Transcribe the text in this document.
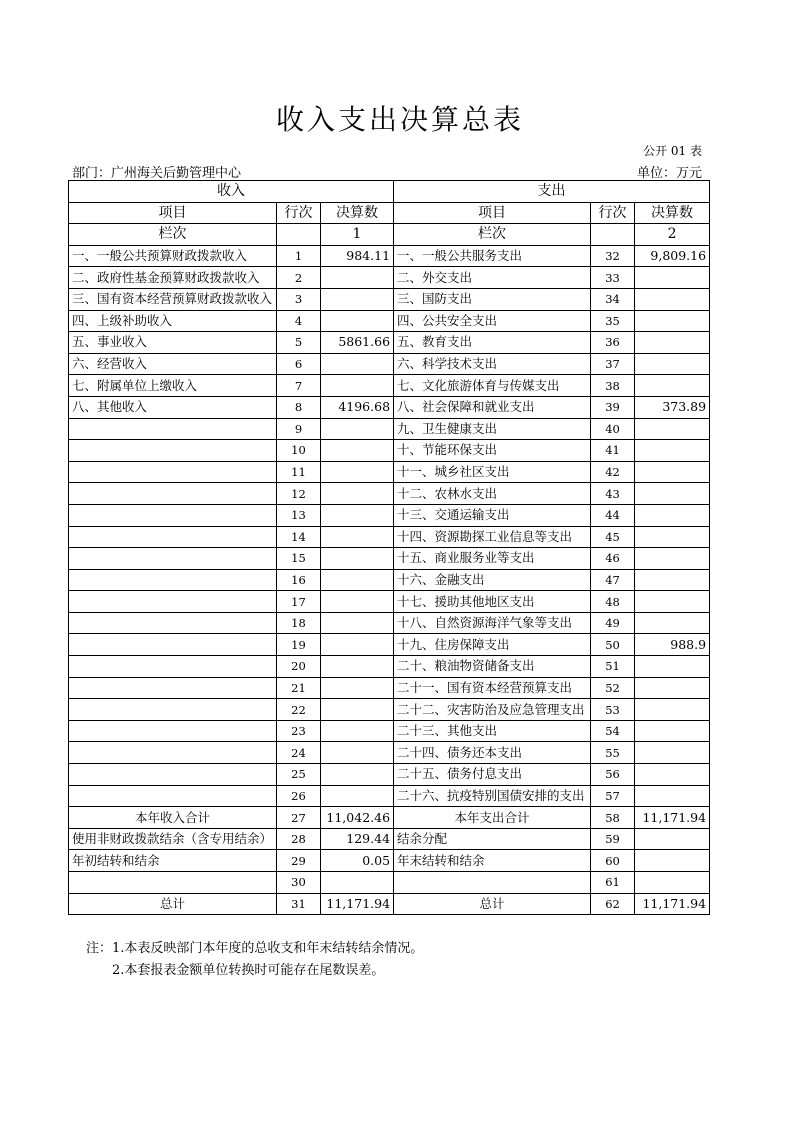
收入支出决算总表
公开 01 表
部门：广州海关后勤管理中心	单位：万元
收入			支出		
项目	行次	决算数	项目	行次	决算数
栏次		1	栏次		2
一、一般公共预算财政拨款收入	1	984.11	一、一般公共服务支出	32	9,809.16
二、政府性基金预算财政拨款收入	2		二、外交支出	33	
三、国有资本经营预算财政拨款收入	3		三、国防支出	34	
四、上级补助收入	4		四、公共安全支出	35	
五、事业收入	5	5861.66	五、教育支出	36	
六、经营收入	6		六、科学技术支出	37	
七、附属单位上缴收入	7		七、文化旅游体育与传媒支出	38	
八、其他收入	8	4196.68	八、社会保障和就业支出	39	373.89
	9		九、卫生健康支出	40	
	10		十、节能环保支出	41	
	11		十一、城乡社区支出	42	
	12		十二、农林水支出	43	
	13		十三、交通运输支出	44	
	14		十四、资源勘探工业信息等支出	45	
	15		十五、商业服务业等支出	46	
	16		十六、金融支出	47	
	17		十七、援助其他地区支出	48	
	18		十八、自然资源海洋气象等支出	49	
	19		十九、住房保障支出	50	988.9
	20		二十、粮油物资储备支出	51	
	21		二十一、国有资本经营预算支出	52	
	22		二十二、灾害防治及应急管理支出	53	
	23		二十三、其他支出	54	
	24		二十四、债务还本支出	55	
	25		二十五、债务付息支出	56	
	26		二十六、抗疫特别国债安排的支出	57	
本年收入合计	27	11,042.46	本年支出合计	58	11,171.94
使用非财政拨款结余（含专用结余）	28	129.44	结余分配	59	
年初结转和结余	29	0.05	年末结转和结余	60	
	30			61	
总计	31	11,171.94	总计	62	11,171.94
注：1.本表反映部门本年度的总收支和年末结转结余情况。
2.本套报表金额单位转换时可能存在尾数误差。
